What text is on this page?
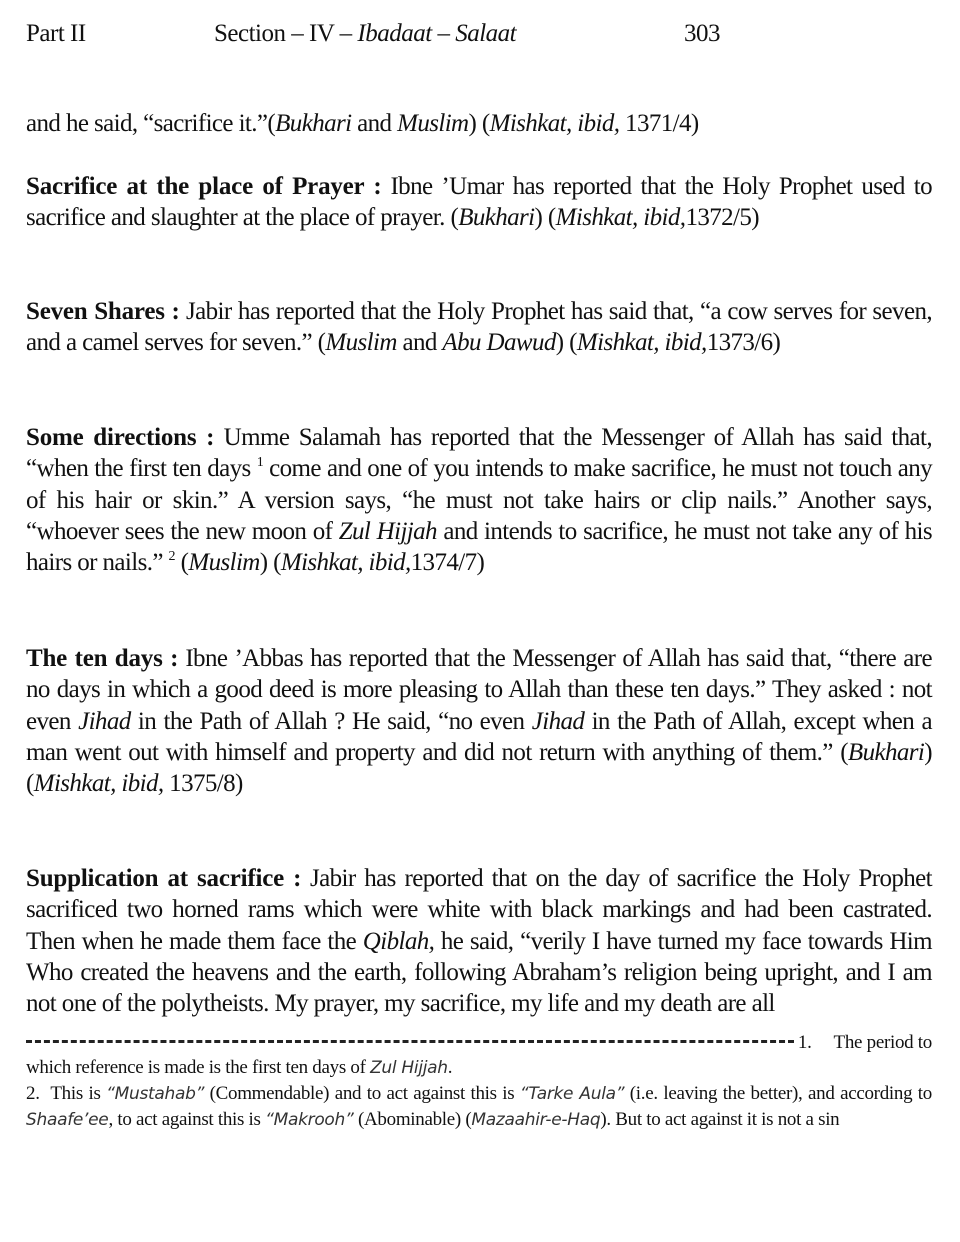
Part II	Section – IV – Ibadaat – Salaat	303

and he said, “sacrifice it.”(Bukhari and Muslim) (Mishkat, ibid, 1371/4)

Sacrifice at the place of Prayer : Ibne ’Umar has reported that the Holy Prophet used to sacrifice and slaughter at the place of prayer. (Bukhari) (Mishkat, ibid,1372/5)

Seven Shares : Jabir has reported that the Holy Prophet has said that, “a cow serves for seven, and a camel serves for seven.” (Muslim and Abu Dawud) (Mishkat, ibid,1373/6)

Some directions : Umme Salamah has reported that the Messenger of Allah has said that, “when the first ten days $^1$ come and one of you intends to make sacrifice, he must not touch any of his hair or skin.” A version says, “he must not take hairs or clip nails.” Another says, “whoever sees the new moon of Zul Hijjah and intends to sacrifice, he must not take any of his hairs or nails.” $^2$ (Muslim) (Mishkat, ibid,1374/7)

The ten days : Ibne ’Abbas has reported that the Messenger of Allah has said that, “there are no days in which a good deed is more pleasing to Allah than these ten days.” They asked : not even Jihad in the Path of Allah ? He said, “no even Jihad in the Path of Allah, except when a man went out with himself and property and did not return with anything of them.” (Bukhari) (Mishkat, ibid, 1375/8)

Supplication at sacrifice : Jabir has reported that on the day of sacrifice the Holy Prophet sacrificed two horned rams which were white with black markings and had been castrated. Then when he made them face the Qiblah, he said, “verily I have turned my face towards Him Who created the heavens and the earth, following Abraham’s religion being upright, and I am not one of the polytheists. My prayer, my sacrifice, my life and my death are all

1. The period to
which reference is made is the first ten days of Zul Hijjah.
2.  This is “Mustahab” (Commendable) and to act against this is “Tarke Aula” (i.e. leaving the better), and according to Shaafe’ee, to act against this is “Makrooh” (Abominable) (Mazaahir-e-Haq). But to act against it is not a sin
